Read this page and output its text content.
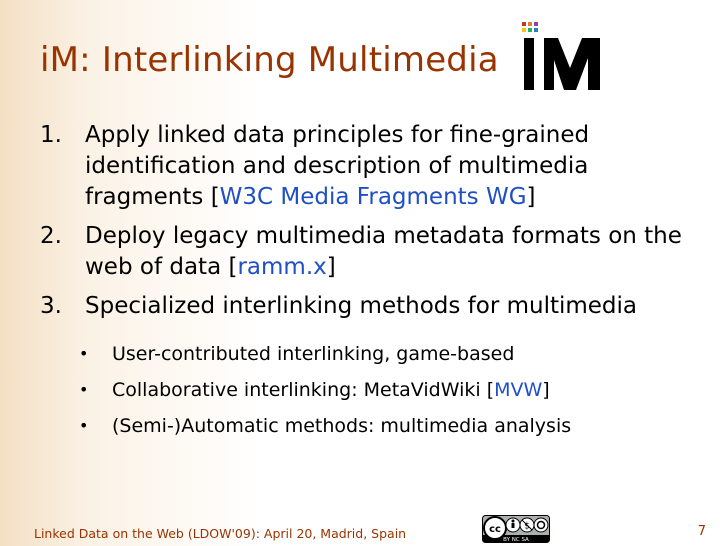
iM: Interlinking Multimedia
1. Apply linked data principles for fine-grained identification and description of multimedia fragments [W3C Media Fragments WG]
2. Deploy legacy multimedia metadata formats on the web of data [ramm.x]
3. Specialized interlinking methods for multimedia
• User-contributed interlinking, game-based
• Collaborative interlinking: MetaVidWiki [MVW]
• (Semi-)Automatic methods: multimedia analysis
Linked Data on the Web (LDOW'09): April 20, Madrid, Spain	cc	$
BY NC SA
7
